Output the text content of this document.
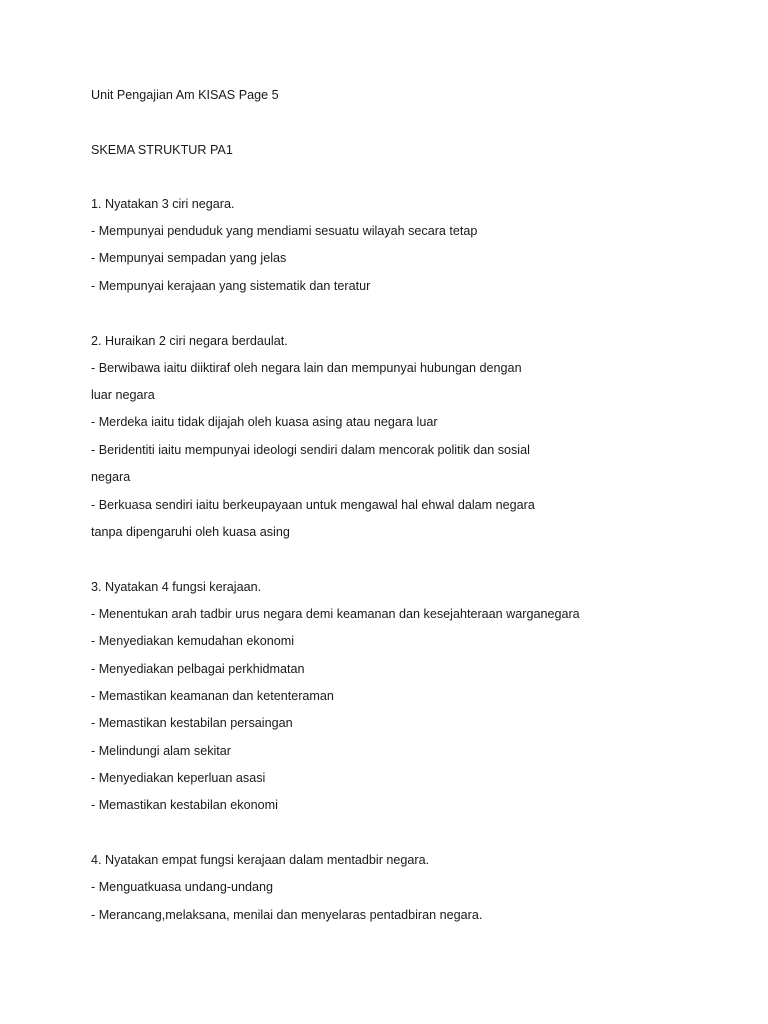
Unit Pengajian Am KISAS Page 5
SKEMA STRUKTUR PA1
1. Nyatakan 3 ciri negara.
- Mempunyai penduduk yang mendiami sesuatu wilayah secara tetap
- Mempunyai sempadan yang jelas
- Mempunyai kerajaan yang sistematik dan teratur
2. Huraikan 2 ciri negara berdaulat.
- Berwibawa iaitu diiktiraf oleh negara lain dan mempunyai hubungan dengan
luar negara
- Merdeka iaitu tidak dijajah oleh kuasa asing atau negara luar
- Beridentiti iaitu mempunyai ideologi sendiri dalam mencorak politik dan sosial
negara
- Berkuasa sendiri iaitu berkeupayaan untuk mengawal hal ehwal dalam negara
tanpa dipengaruhi oleh kuasa asing
3. Nyatakan 4 fungsi kerajaan.
- Menentukan arah tadbir urus negara demi keamanan dan kesejahteraan warganegara
- Menyediakan kemudahan ekonomi
- Menyediakan pelbagai perkhidmatan
- Memastikan keamanan dan ketenteraman
- Memastikan kestabilan persaingan
- Melindungi alam sekitar
- Menyediakan keperluan asasi
- Memastikan kestabilan ekonomi
4. Nyatakan empat fungsi kerajaan dalam mentadbir negara.
- Menguatkuasa undang-undang
- Merancang,melaksana, menilai dan menyelaras pentadbiran negara.
